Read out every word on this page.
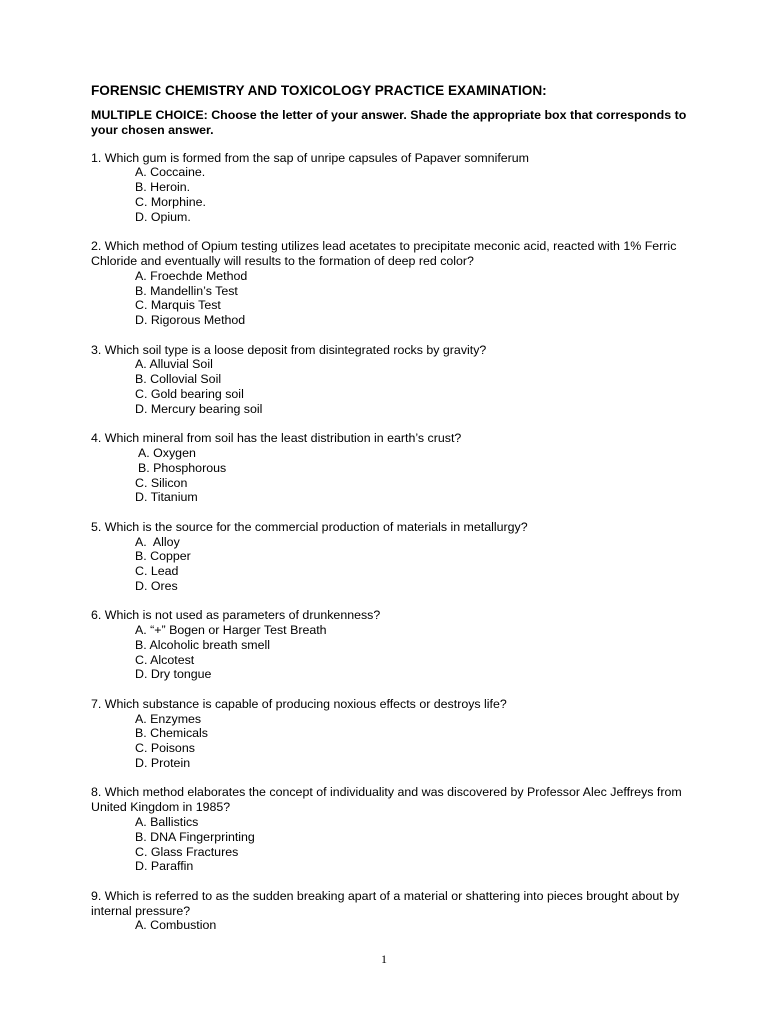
FORENSIC CHEMISTRY AND TOXICOLOGY PRACTICE EXAMINATION:
MULTIPLE CHOICE: Choose the letter of your answer. Shade the appropriate box that corresponds to your chosen answer.
1. Which gum is formed from the sap of unripe capsules of Papaver somniferum
A. Coccaine.
B. Heroin.
C. Morphine.
D. Opium.
2. Which method of Opium testing utilizes lead acetates to precipitate meconic acid, reacted with 1% Ferric Chloride and eventually will results to the formation of deep red color?
A. Froechde Method
B. Mandellin’s Test
C. Marquis Test
D. Rigorous Method
3. Which soil type is a loose deposit from disintegrated rocks by gravity?
A. Alluvial Soil
B. Collovial Soil
C. Gold bearing soil
D. Mercury bearing soil
4. Which mineral from soil has the least distribution in earth’s crust?
A. Oxygen
B. Phosphorous
C. Silicon
D. Titanium
5. Which is the source for the commercial production of materials in metallurgy?
A.  Alloy
B. Copper
C. Lead
D. Ores
6. Which is not used as parameters of drunkenness?
A. “+” Bogen or Harger Test Breath
B. Alcoholic breath smell
C. Alcotest
D. Dry tongue
7. Which substance is capable of producing noxious effects or destroys life?
A. Enzymes
B. Chemicals
C. Poisons
D. Protein
8. Which method elaborates the concept of individuality and was discovered by Professor Alec Jeffreys from United Kingdom in 1985?
A. Ballistics
B. DNA Fingerprinting
C. Glass Fractures
D. Paraffin
9. Which is referred to as the sudden breaking apart of a material or shattering into pieces brought about by internal pressure?
A. Combustion
1
